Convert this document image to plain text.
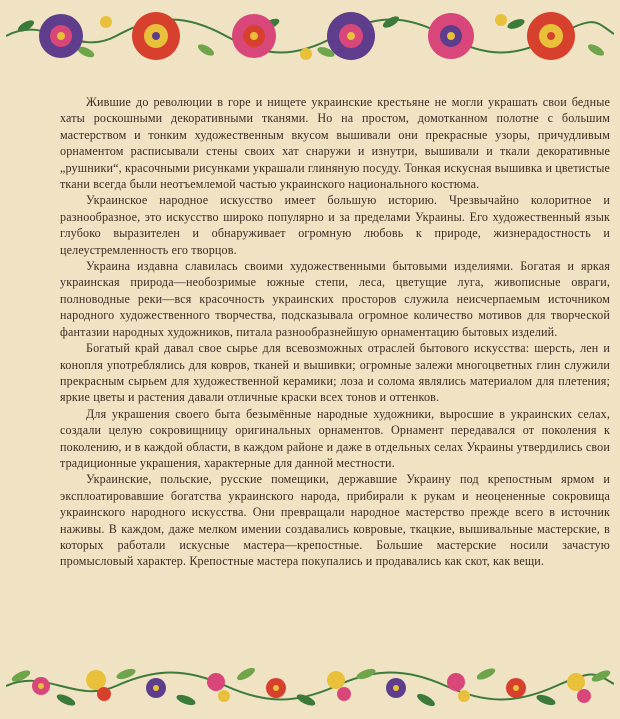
Жившие до революции в горе и нищете украинские крестьяне не могли украшать свои бедные хаты роскошными декоративными тканями. Но на простом, домотканном полотне с большим мастерством и тонким художественным вкусом вышивали они прекрасные узоры, причудливым орнаментом расписывали стены своих хат снаружи и изнутри, вышивали и ткали декоративные „рушники“, красочными рисунками украшали глиняную посуду. Тонкая искусная вышивка и цветистые ткани всегда были неотъемлемой частью украинского национального костюма.

Украинское народное искусство имеет большую историю. Чрезвычайно колоритное и разнообразное, это искусство широко популярно и за пределами Украины. Его художественный язык глубоко выразителен и обнаруживает огромную любовь к природе, жизнерадостность и целеустремленность его творцов.

Украина издавна славилась своими художественными бытовыми изделиями. Богатая и яркая украинская природа—необозримые южные степи, леса, цветущие луга, живописные овраги, полноводные реки—вся красочность украинских просторов служила неисчерпаемым источником народного художественного творчества, подсказывала огромное количество мотивов для творческой фантазии народных художников, питала разнообразнейшую орнаментацию бытовых изделий.

Богатый край давал свое сырье для всевозможных отраслей бытового искусства: шерсть, лен и конопля употреблялись для ковров, тканей и вышивки; огромные залежи многоцветных глин служили прекрасным сырьем для художественной керамики; лоза и солома являлись материалом для плетения; яркие цветы и растения давали отличные краски всех тонов и оттенков.

Для украшения своего быта безымённые народные художники, выросшие в украинских селах, создали целую сокровищницу оригинальных орнаментов. Орнамент передавался от поколения к поколению, и в каждой области, в каждом районе и даже в отдельных селах Украины утвердились свои традиционные украшения, характерные для данной местности.

Украинские, польские, русские помещики, державшие Украину под крепостным ярмом и эксплоатировавшие богатства украинского народа, прибирали к рукам и неоцененные сокровища украинского народного искусства. Они превращали народное мастерство прежде всего в источник наживы. В каждом, даже мелком имении создавались ковровые, ткацкие, вышивальные мастерские, в которых работали искусные мастера—крепостные. Большие мастерские носили зачастую промысловый характер. Крепостные мастера покупались и продавались как скот, как вещи.
